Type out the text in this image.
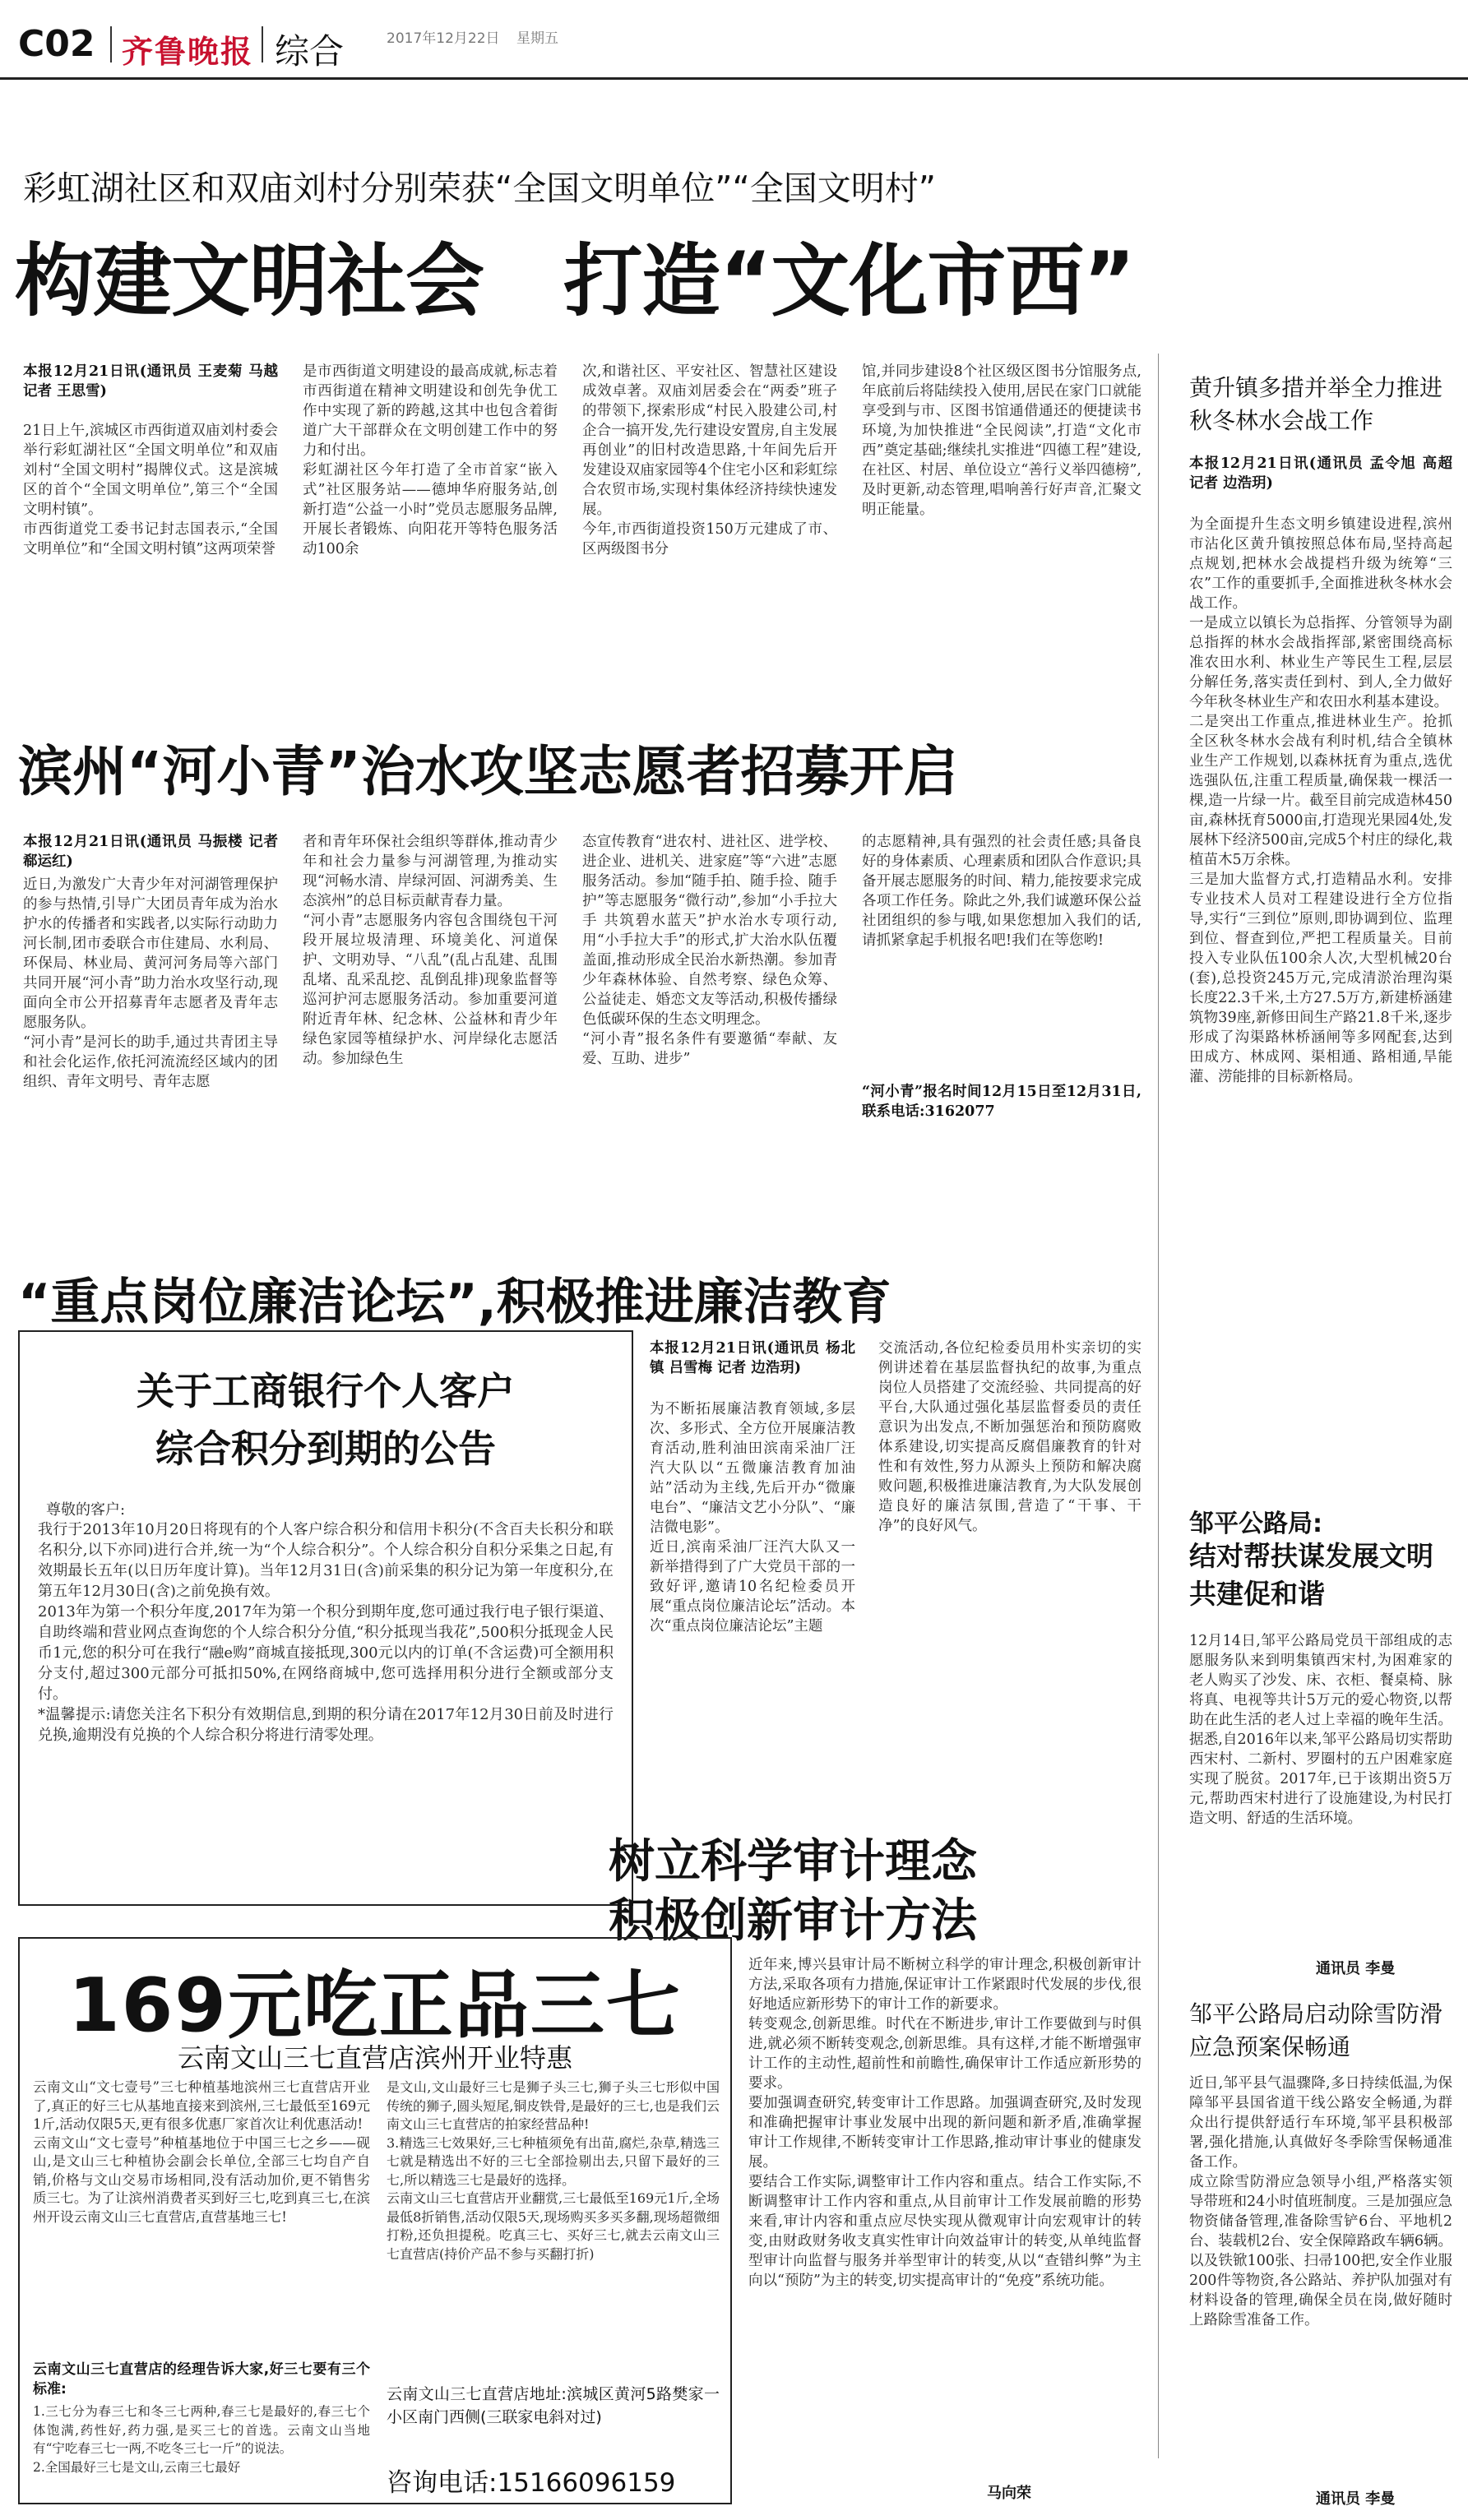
C02 齐鲁晚报 综合	2017年12月22日 星期五
彩虹湖社区和双庙刘村分别荣获“全国文明单位”“全国文明村”
构建文明社会   打造“文化市西”
本报12月21日讯(通讯员 王麦菊 马越 记者 王思雪)
21日上午,滨城区市西街道双庙刘村委会举行彩虹湖社区“全国文明单位”和双庙刘村“全国文明村”揭牌仪式。这是滨城区的首个“全国文明单位”,第三个“全国文明村镇”。
市西街道党工委书记封志国表示,“全国文明单位”和“全国文明村镇”这两项荣誉
是市西街道文明建设的最高成就,标志着市西街道在精神文明建设和创先争优工作中实现了新的跨越,这其中也包含着街道广大干部群众在文明创建工作中的努力和付出。
彩虹湖社区今年打造了全市首家“嵌入式”社区服务站——德坤华府服务站,创新打造“公益一小时”党员志愿服务品牌,开展长者锻炼、向阳花开等特色服务活动100余
次,和谐社区、平安社区、智慧社区建设成效卓著。双庙刘居委会在“两委”班子的带领下,探索形成“村民入股建公司,村企合一搞开发,先行建设安置房,自主发展再创业”的旧村改造思路,十年间先后开发建设双庙家园等4个住宅小区和彩虹综合农贸市场,实现村集体经济持续快速发展。
今年,市西街道投资150万元建成了市、区两级图书分
馆,并同步建设8个社区级区图书分馆服务点,年底前后将陆续投入使用,居民在家门口就能享受到与市、区图书馆通借通还的便捷读书环境,为加快推进“全民阅读”,打造“文化市西”奠定基础;继续扎实推进“四德工程”建设,在社区、村居、单位设立“善行义举四德榜”,及时更新,动态管理,唱响善行好声音,汇聚文明正能量。
滨州“河小青”治水攻坚志愿者招募开启
本报12月21日讯(通讯员 马振楼 记者 郗运红)
近日,为激发广大青少年对河湖管理保护的参与热情,引导广大团员青年成为治水护水的传播者和实践者,以实际行动助力河长制,团市委联合市住建局、水利局、环保局、林业局、黄河河务局等六部门共同开展“河小青”助力治水攻坚行动,现面向全市公开招募青年志愿者及青年志愿服务队。
“河小青”是河长的助手,通过共青团主导和社会化运作,依托河流流经区域内的团组织、青年文明号、青年志愿
者和青年环保社会组织等群体,推动青少年和社会力量参与河湖管理,为推动实现“河畅水清、岸绿河固、河湖秀美、生态滨州”的总目标贡献青春力量。
“河小青”志愿服务内容包含围绕包干河段开展垃圾清理、环境美化、河道保护、文明劝导、“八乱”(乱占乱建、乱围乱堵、乱采乱挖、乱倒乱排)现象监督等巡河护河志愿服务活动。参加重要河道附近青年林、纪念林、公益林和青少年绿色家园等植绿护水、河岸绿化志愿活动。参加绿色生
态宣传教育“进农村、进社区、进学校、进企业、进机关、进家庭”等“六进”志愿服务活动。参加“随手拍、随手捡、随手护”等志愿服务“微行动”,参加“小手拉大手 共筑碧水蓝天”护水治水专项行动,用“小手拉大手”的形式,扩大治水队伍覆盖面,推动形成全民治水新热潮。参加青少年森林体验、自然考察、绿色众筹、公益徒走、婚恋文友等活动,积极传播绿色低碳环保的生态文明理念。
“河小青”报名条件有要邀循“奉献、友爱、互助、进步”
的志愿精神,具有强烈的社会责任感;具备良好的身体素质、心理素质和团队合作意识;具备开展志愿服务的时间、精力,能按要求完成各项工作任务。除此之外,我们诚邀环保公益社团组织的参与哦,如果您想加入我们的话,请抓紧拿起手机报名吧!我们在等您哟!
“河小青”报名时间12月15日至12月31日,联系电话:3162077
“重点岗位廉洁论坛”,积极推进廉洁教育
关于工商银行个人客户
综合积分到期的公告
尊敬的客户:
我行于2013年10月20日将现有的个人客户综合积分和信用卡积分(不含百夫长积分和联名积分,以下亦同)进行合并,统一为“个人综合积分”。个人综合积分自积分采集之日起,有效期最长五年(以日历年度计算)。当年12月31日(含)前采集的积分记为第一年度积分,在第五年12月30日(含)之前免换有效。
2013年为第一个积分年度,2017年为第一个积分到期年度,您可通过我行电子银行渠道、自助终端和营业网点查询您的个人综合积分分值,“积分抵现当我花”,500积分抵现金人民币1元,您的积分可在我行“融e购”商城直接抵现,300元以内的订单(不含运费)可全额用积分支付,超过300元部分可抵扣50%,在网络商城中,您可选择用积分进行全额或部分支付。
*温馨提示:请您关注名下积分有效期信息,到期的积分请在2017年12月30日前及时进行兑换,逾期没有兑换的个人综合积分将进行清零处理。
本报12月21日讯(通讯员 杨北镇 吕雪梅 记者 边浩玥)
为不断拓展廉洁教育领域,多层次、多形式、全方位开展廉洁教育活动,胜利油田滨南采油厂汪汽大队以“五微廉洁教育加油站”活动为主线,先后开办“微廉电台”、“廉洁文艺小分队”、“廉洁微电影”。
近日,滨南采油厂汪汽大队又一新举措得到了广大党员干部的一致好评,邀请10名纪检委员开展“重点岗位廉洁论坛”活动。本次“重点岗位廉洁论坛”主题
交流活动,各位纪检委员用朴实亲切的实例讲述着在基层监督执纪的故事,为重点岗位人员搭建了交流经验、共同提高的好平台,大队通过强化基层监督委员的责任意识为出发点,不断加强惩治和预防腐败体系建设,切实提高反腐倡廉教育的针对性和有效性,努力从源头上预防和解决腐败问题,积极推进廉洁教育,为大队发展创造良好的廉洁氛围,营造了“干事、干净”的良好风气。
树立科学审计理念
积极创新审计方法
近年来,博兴县审计局不断树立科学的审计理念,积极创新审计方法,采取各项有力措施,保证审计工作紧跟时代发展的步伐,很好地适应新形势下的审计工作的新要求。
转变观念,创新思维。时代在不断进步,审计工作要做到与时俱进,就必须不断转变观念,创新思维。具有这样,才能不断增强审计工作的主动性,超前性和前瞻性,确保审计工作适应新形势的要求。
要加强调查研究,转变审计工作思路。加强调查研究,及时发现和准确把握审计事业发展中出现的新问题和新矛盾,准确掌握审计工作规律,不断转变审计工作思路,推动审计事业的健康发展。
要结合工作实际,调整审计工作内容和重点。结合工作实际,不断调整审计工作内容和重点,从目前审计工作发展前瞻的形势来看,审计内容和重点应尽快实现从微观审计向宏观审计的转变,由财政财务收支真实性审计向效益审计的转变,从单纯监督型审计向监督与服务并举型审计的转变,从以“查错纠弊”为主向以“预防”为主的转变,切实提高审计的“免疫”系统功能。
马向荣
169元吃正品三七
云南文山三七直营店滨州开业特惠
云南文山“文七壹号”三七种植基地滨州三七直营店开业了,真正的好三七从基地直接来到滨州,三七最低至169元1斤,活动仅限5天,更有很多优惠厂家首次让利优惠活动!
云南文山“文七壹号”种植基地位于中国三七之乡——砚山,是文山三七种植协会副会长单位,全部三七均自产自销,价格与文山交易市场相同,没有活动加价,更不销售劣质三七。为了让滨州消费者买到好三七,吃到真三七,在滨州开设云南文山三七直营店,直营基地三七!
云南文山三七直营店的经理告诉大家,好三七要有三个标准:
1.三七分为春三七和冬三七两种,春三七是最好的,春三七个体饱满,药性好,药力强,是买三七的首选。云南文山当地有“宁吃春三七一两,不吃冬三七一斤”的说法。
2.全国最好三七是文山,云南三七最好
是文山,文山最好三七是狮子头三七,狮子头三七形似中国传统的狮子,圆头短尾,铜皮铁骨,是最好的三七,也是我们云南文山三七直营店的拍家经营品种!
3.精选三七效果好,三七种植须免有出苗,腐烂,杂草,精选三七就是精选出不好的三七全部捡剔出去,只留下最好的三七,所以精选三七是最好的选择。
云南文山三七直营店开业翻赏,三七最低至169元1斤,全场最低8折销售,活动仅限5天,现场购买多买多翻,现场超微细打粉,还负担提税。吃真三七、买好三七,就去云南文山三七直营店(持价产品不参与买翻打折)
云南文山三七直营店地址:滨城区黄河5路樊家一小区南门西侧(三联家电斜对过)
咨询电话:15166096159
黄升镇多措并举全力推进秋冬林水会战工作
本报12月21日讯(通讯员 孟令旭 高超 记者 边浩玥)
为全面提升生态文明乡镇建设进程,滨州市沾化区黄升镇按照总体布局,坚持高起点规划,把林水会战提档升级为统筹“三农”工作的重要抓手,全面推进秋冬林水会战工作。
一是成立以镇长为总指挥、分管领导为副总指挥的林水会战指挥部,紧密围绕高标准农田水利、林业生产等民生工程,层层分解任务,落实责任到村、到人,全力做好今年秋冬林业生产和农田水利基本建设。
二是突出工作重点,推进林业生产。抢抓全区秋冬林水会战有利时机,结合全镇林业生产工作规划,以森林抚育为重点,选优选强队伍,注重工程质量,确保栽一棵活一棵,造一片绿一片。截至目前完成造林450亩,森林抚育5000亩,打造现光果园4处,发展林下经济500亩,完成5个村庄的绿化,栽植苗木5万余株。
三是加大监督方式,打造精品水利。安排专业技术人员对工程建设进行全方位指导,实行“三到位”原则,即协调到位、监理到位、督查到位,严把工程质量关。目前投入专业队伍100余人次,大型机械20台(套),总投资245万元,完成清淤治理沟渠长度22.3千米,土方27.5万方,新建桥涵建筑物39座,新修田间生产路21.8千米,逐步形成了沟渠路林桥涵闸等多网配套,达到田成方、林成网、渠相通、路相通,旱能灌、涝能排的目标新格局。
邹平公路局:
结对帮扶谋发展文明共建促和谐
12月14日,邹平公路局党员干部组成的志愿服务队来到明集镇西宋村,为困难家的老人购买了沙发、床、衣柜、餐桌椅、脉将真、电视等共计5万元的爱心物资,以帮助在此生活的老人过上幸福的晚年生活。据悉,自2016年以来,邹平公路局切实帮助西宋村、二新村、罗圈村的五户困难家庭实现了脱贫。2017年,已于该期出资5万元,帮助西宋村进行了设施建设,为村民打造文明、舒适的生活环境。
通讯员 李曼
邹平公路局启动除雪防滑应急预案保畅通
近日,邹平县气温骤降,多日持续低温,为保障邹平县国省道干线公路安全畅通,为群众出行提供舒适行车环境,邹平县积极部署,强化措施,认真做好冬季除雪保畅通准备工作。
成立除雪防滑应急领导小组,严格落实领导带班和24小时值班制度。三是加强应急物资储备管理,准备除雪铲6台、平地机2台、装载机2台、安全保障路政车辆6辆。以及铁锨100张、扫帚100把,安全作业服200件等物资,各公路站、养护队加强对有材料设备的管理,确保全员在岗,做好随时上路除雪准备工作。
通讯员 李曼
